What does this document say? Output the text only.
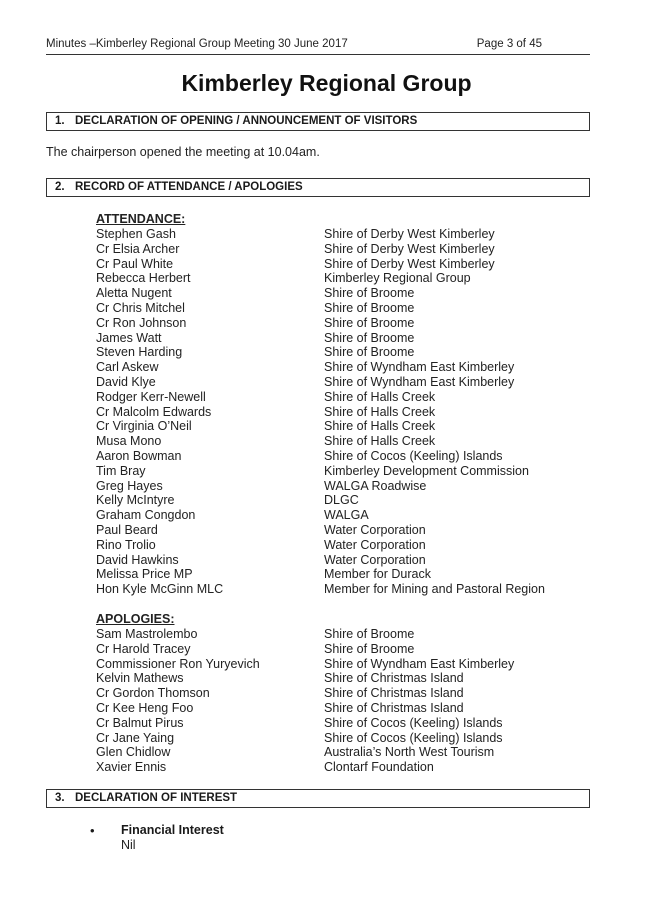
Minutes –Kimberley Regional Group Meeting 30 June 2017	Page 3 of 45
Kimberley Regional Group
1. DECLARATION OF OPENING / ANNOUNCEMENT OF VISITORS
The chairperson opened the meeting at 10.04am.
2. RECORD OF ATTENDANCE / APOLOGIES
ATTENDANCE:
Stephen Gash	Shire of Derby West Kimberley
Cr Elsia Archer	Shire of Derby West Kimberley
Cr Paul White	Shire of Derby West Kimberley
Rebecca Herbert	Kimberley Regional Group
Aletta Nugent	Shire of Broome
Cr Chris Mitchel	Shire of Broome
Cr Ron Johnson	Shire of Broome
James Watt	Shire of Broome
Steven Harding	Shire of Broome
Carl Askew	Shire of Wyndham East Kimberley
David Klye	Shire of Wyndham East Kimberley
Rodger Kerr-Newell	Shire of Halls Creek
Cr Malcolm Edwards	Shire of Halls Creek
Cr Virginia O’Neil	Shire of Halls Creek
Musa Mono	Shire of Halls Creek
Aaron Bowman	Shire of Cocos (Keeling) Islands
Tim Bray	Kimberley Development Commission
Greg Hayes	WALGA Roadwise
Kelly McIntyre	DLGC
Graham Congdon	WALGA
Paul Beard	Water Corporation
Rino Trolio	Water Corporation
David Hawkins	Water Corporation
Melissa Price MP	Member for Durack
Hon Kyle McGinn MLC	Member for Mining and Pastoral Region
APOLOGIES:
Sam Mastrolembo	Shire of Broome
Cr Harold Tracey	Shire of Broome
Commissioner Ron Yuryevich	Shire of Wyndham East Kimberley
Kelvin Mathews	Shire of Christmas Island
Cr Gordon Thomson	Shire of Christmas Island
Cr Kee Heng Foo	Shire of Christmas Island
Cr Balmut Pirus	Shire of Cocos (Keeling) Islands
Cr Jane Yaing	Shire of Cocos (Keeling) Islands
Glen Chidlow	Australia’s North West Tourism
Xavier Ennis	Clontarf Foundation
3. DECLARATION OF INTEREST
• Financial Interest
Nil
